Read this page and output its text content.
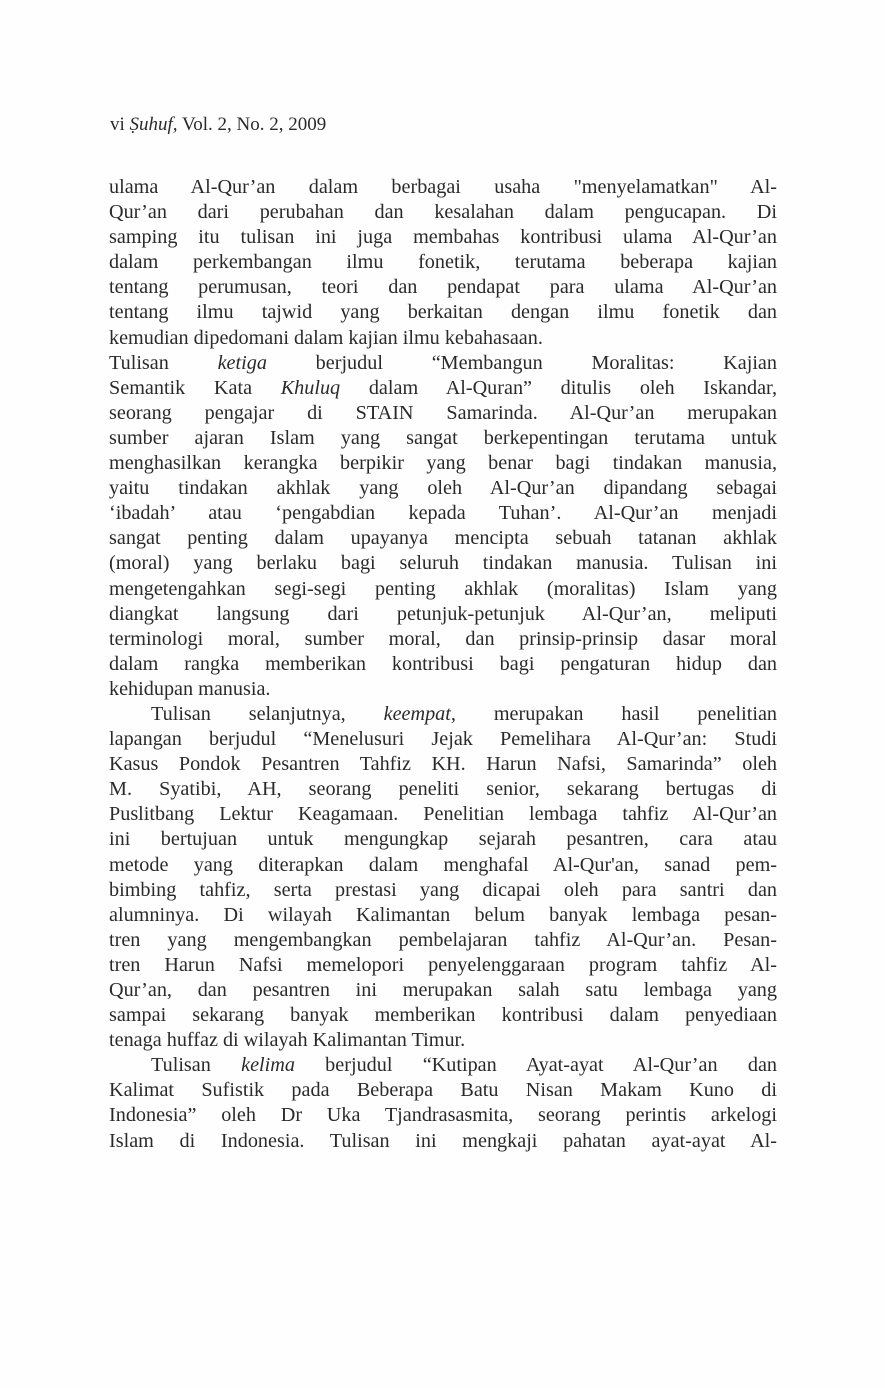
vi Ṣuhuf, Vol. 2, No. 2, 2009
ulama Al-Qur’an dalam berbagai usaha "menyelamatkan" Al-
Qur’an dari perubahan dan kesalahan dalam pengucapan. Di
samping itu tulisan ini juga membahas kontribusi ulama Al-Qur’an
dalam perkembangan ilmu fonetik, terutama beberapa kajian
tentang perumusan, teori dan pendapat para ulama Al-Qur’an
tentang ilmu tajwid yang berkaitan dengan ilmu fonetik dan
kemudian dipedomani dalam kajian ilmu kebahasaan.
Tulisan ketiga berjudul “Membangun Moralitas: Kajian
Semantik Kata Khuluq dalam Al-Quran” ditulis oleh Iskandar,
seorang pengajar di STAIN Samarinda. Al-Qur’an merupakan
sumber ajaran Islam yang sangat berkepentingan terutama untuk
menghasilkan kerangka berpikir yang benar bagi tindakan manusia,
yaitu tindakan akhlak yang oleh Al-Qur’an dipandang sebagai
‘ibadah’ atau ‘pengabdian kepada Tuhan’. Al-Qur’an menjadi
sangat penting dalam upayanya mencipta sebuah tatanan akhlak
(moral) yang berlaku bagi seluruh tindakan manusia. Tulisan ini
mengetengahkan segi-segi penting akhlak (moralitas) Islam yang
diangkat langsung dari petunjuk-petunjuk Al-Qur’an, meliputi
terminologi moral, sumber moral, dan prinsip-prinsip dasar moral
dalam rangka memberikan kontribusi bagi pengaturan hidup dan
kehidupan manusia.
Tulisan selanjutnya, keempat, merupakan hasil penelitian
lapangan berjudul “Menelusuri Jejak Pemelihara Al-Qur’an: Studi
Kasus Pondok Pesantren Tahfiz KH. Harun Nafsi, Samarinda” oleh
M. Syatibi, AH, seorang peneliti senior, sekarang bertugas di
Puslitbang Lektur Keagamaan. Penelitian lembaga tahfiz Al-Qur’an
ini bertujuan untuk mengungkap sejarah pesantren, cara atau
metode yang diterapkan dalam menghafal Al-Qur'an, sanad pem-
bimbing tahfiz, serta prestasi yang dicapai oleh para santri dan
alumninya. Di wilayah Kalimantan belum banyak lembaga pesan-
tren yang mengembangkan pembelajaran tahfiz Al-Qur’an. Pesan-
tren Harun Nafsi memelopori penyelenggaraan program tahfiz Al-
Qur’an, dan pesantren ini merupakan salah satu lembaga yang
sampai sekarang banyak memberikan kontribusi dalam penyediaan
tenaga huffaz di wilayah Kalimantan Timur.
Tulisan kelima berjudul “Kutipan Ayat-ayat Al-Qur’an dan
Kalimat Sufistik pada Beberapa Batu Nisan Makam Kuno di
Indonesia” oleh Dr Uka Tjandrasasmita, seorang perintis arkelogi
Islam di Indonesia. Tulisan ini mengkaji pahatan ayat-ayat Al-
